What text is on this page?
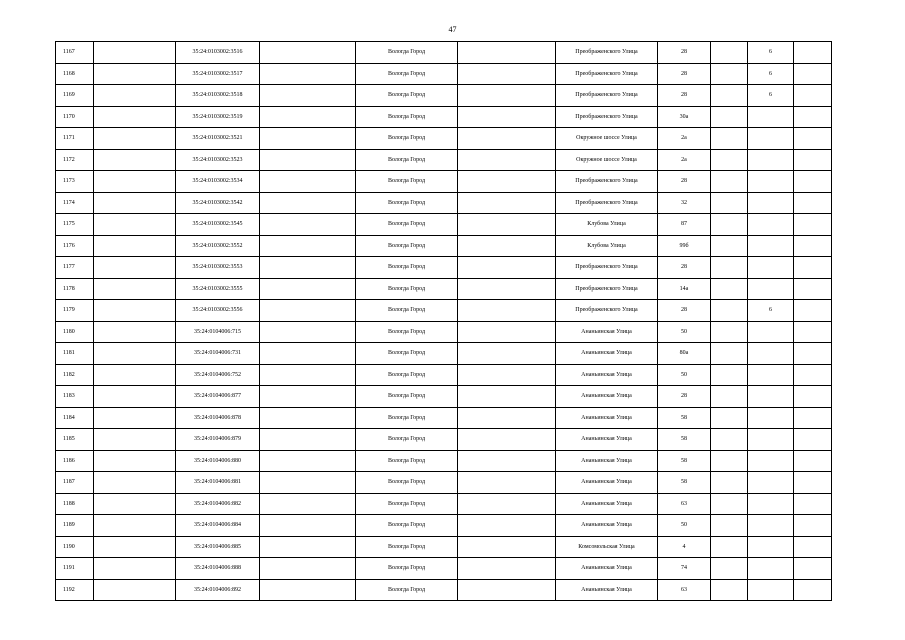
47
1167		35:24:0103002:3516		Вологда Город		Преображенского Улица	28		6	
1168		35:24:0103002:3517		Вологда Город		Преображенского Улица	28		6	
1169		35:24:0103002:3518		Вологда Город		Преображенского Улица	28		6	
1170		35:24:0103002:3519		Вологда Город		Преображенского Улица	30а			
1171		35:24:0103002:3521		Вологда Город		Окружное шоссе Улица	2а			
1172		35:24:0103002:3523		Вологда Город		Окружное шоссе Улица	2а			
1173		35:24:0103002:3534		Вологда Город		Преображенского Улица	28			
1174		35:24:0103002:3542		Вологда Город		Преображенского Улица	32			
1175		35:24:0103002:3545		Вологда Город		Клубова Улица	87			
1176		35:24:0103002:3552		Вологда Город		Клубова Улица	99б			
1177		35:24:0103002:3553		Вологда Город		Преображенского Улица	28			
1178		35:24:0103002:3555		Вологда Город		Преображенского Улица	14а			
1179		35:24:0103002:3556		Вологда Город		Преображенского Улица	28		6	
1180		35:24:0104006:715		Вологда Город		Ананьинская Улица	50			
1181		35:24:0104006:731		Вологда Город		Ананьинская Улица	80а			
1182		35:24:0104006:752		Вологда Город		Ананьинская Улица	50			
1183		35:24:0104006:877		Вологда Город		Ананьинская Улица	28			
1184		35:24:0104006:878		Вологда Город		Ананьинская Улица	58			
1185		35:24:0104006:879		Вологда Город		Ананьинская Улица	58			
1186		35:24:0104006:880		Вологда Город		Ананьинская Улица	58			
1187		35:24:0104006:881		Вологда Город		Ананьинская Улица	58			
1188		35:24:0104006:882		Вологда Город		Ананьинская Улица	63			
1189		35:24:0104006:884		Вологда Город		Ананьинская Улица	50			
1190		35:24:0104006:885		Вологда Город		Комсомольская Улица	4			
1191		35:24:0104006:888		Вологда Город		Ананьинская Улица	74			
1192		35:24:0104006:892		Вологда Город		Ананьинская Улица	63			
